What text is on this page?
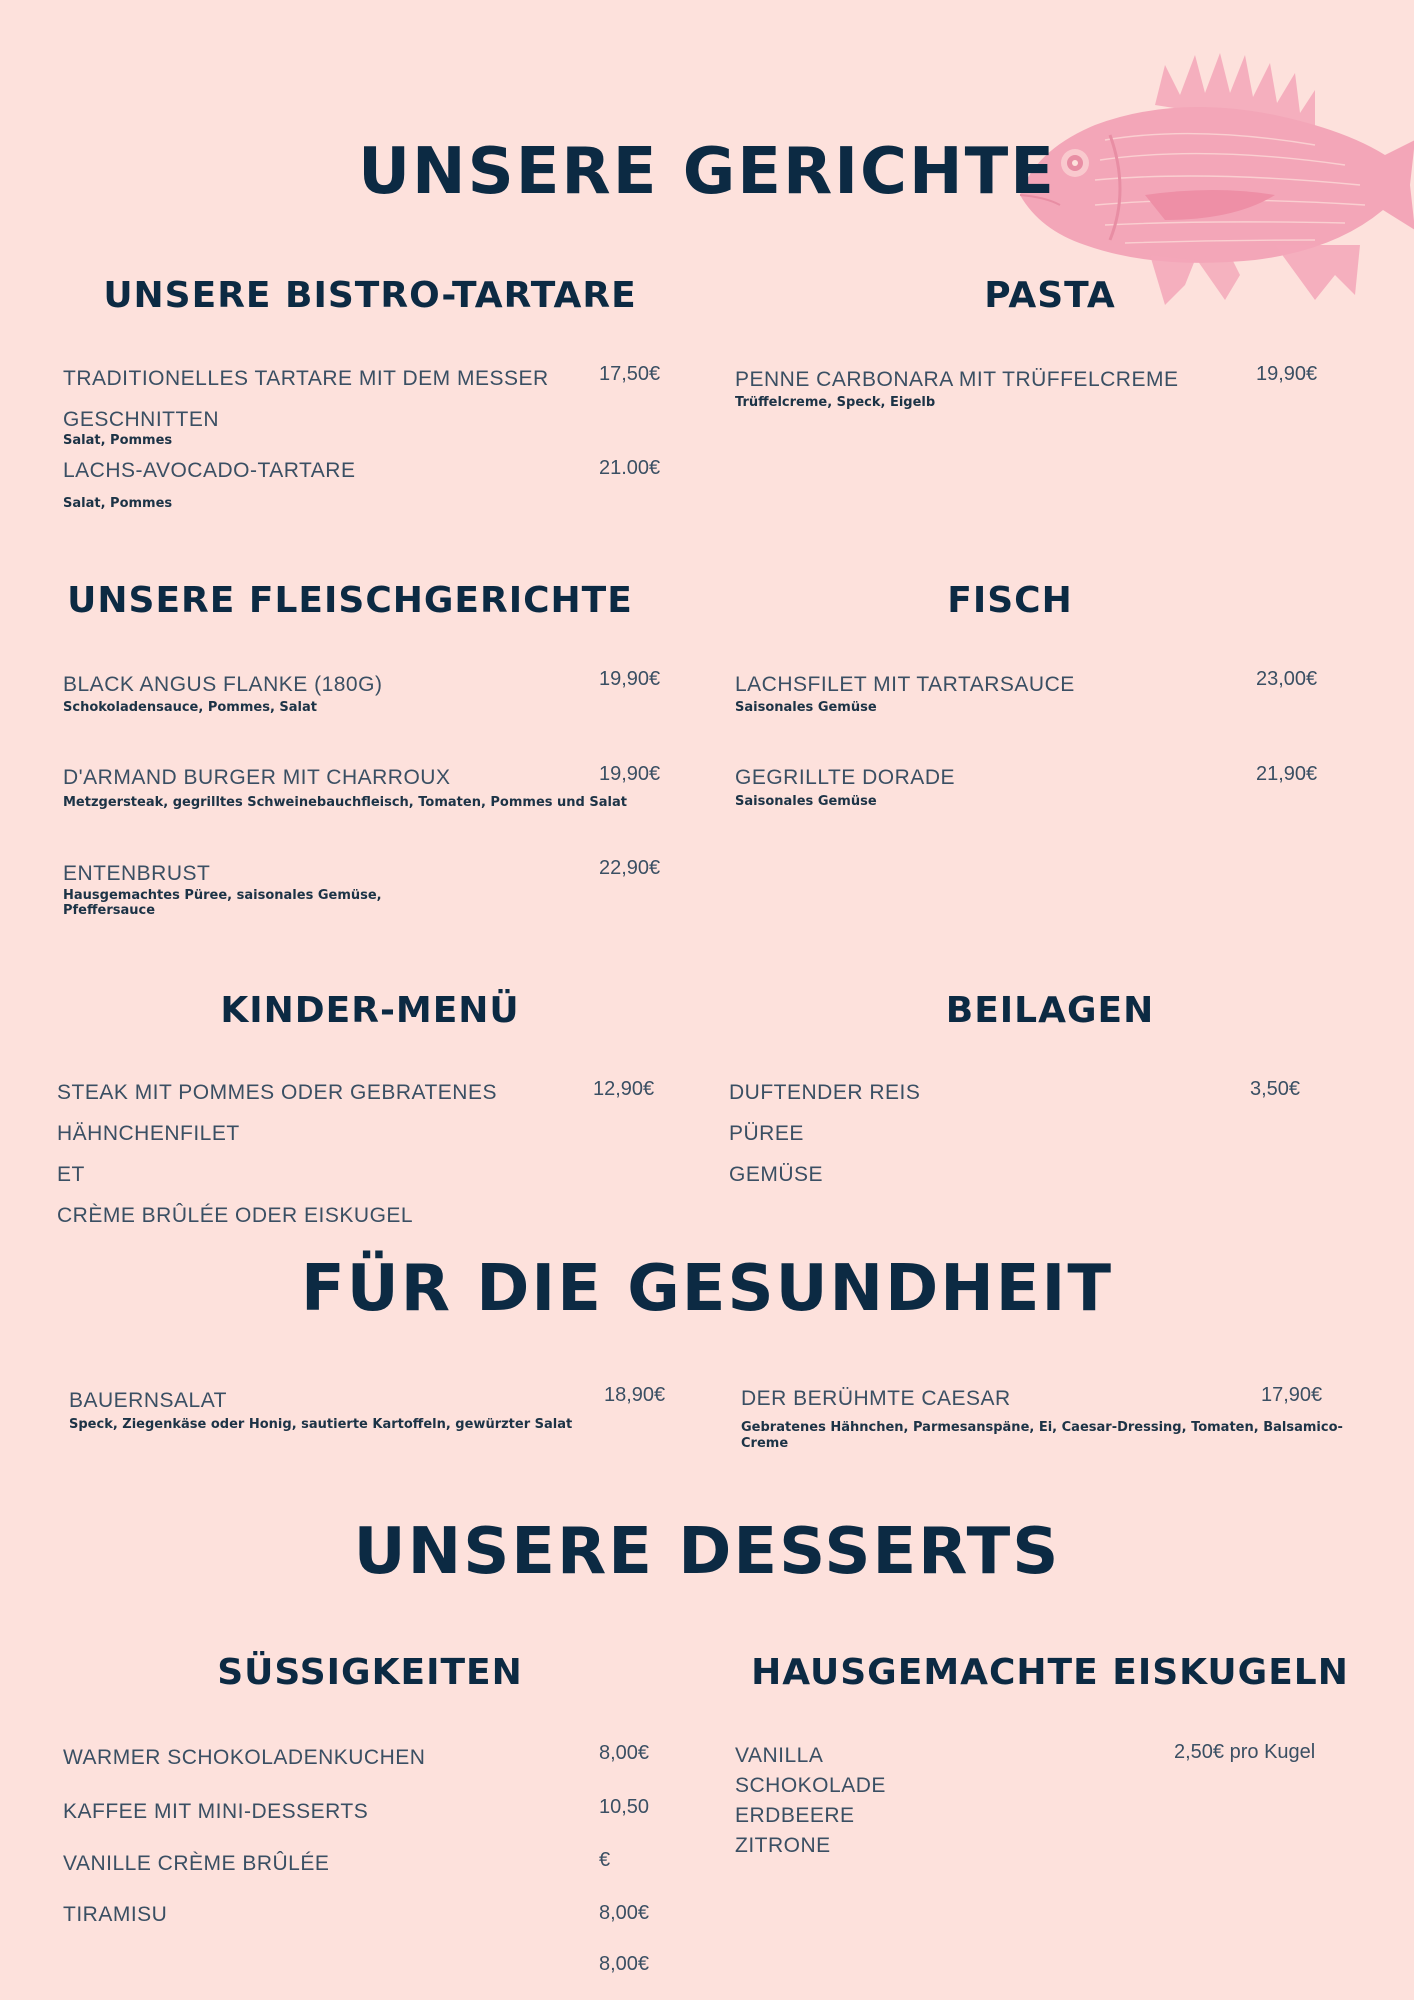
UNSERE GERICHTE
UNSERE BISTRO-TARTARE
TRADITIONELLES TARTARE MIT DEM MESSER
GESCHNITTEN
Salat, Pommes
17,50€
LACHS-AVOCADO-TARTARE
Salat, Pommes
21.00€
PASTA
PENNE CARBONARA MIT TRÜFFELCREME
Trüffelcreme, Speck, Eigelb
19,90€
UNSERE FLEISCHGERICHTE
BLACK ANGUS FLANKE (180G)
Schokoladensauce, Pommes, Salat
19,90€
D'ARMAND BURGER MIT CHARROUX
Metzgersteak, gegrilltes Schweinebauchfleisch, Tomaten, Pommes und Salat
19,90€
ENTENBRUST
Hausgemachtes Püree, saisonales Gemüse,
Pfeffersauce
22,90€
FISCH
LACHSFILET MIT TARTARSAUCE
Saisonales Gemüse
23,00€
GEGRILLTE DORADE
Saisonales Gemüse
21,90€
KINDER-MENÜ
STEAK MIT POMMES ODER GEBRATENES
HÄHNCHENFILET
ET
CRÈME BRÛLÉE ODER EISKUGEL
12,90€
BEILAGEN
DUFTENDER REIS
PÜREE
GEMÜSE
3,50€
FÜR DIE GESUNDHEIT
BAUERNSALAT
Speck, Ziegenkäse oder Honig, sautierte Kartoffeln, gewürzter Salat
18,90€	DER BERÜHMTE CAESAR
Gebratenes Hähnchen, Parmesanspäne, Ei, Caesar-Dressing, Tomaten, Balsamico-
Creme
17,90€
UNSERE DESSERTS
SÜSSIGKEITEN
WARMER SCHOKOLADENKUCHEN
KAFFEE MIT MINI-DESSERTS
VANILLE CRÈME BRÛLÉE
TIRAMISU
8,00€
10,50
€
8,00€
8,00€
HAUSGEMACHTE EISKUGELN
VANILLA
SCHOKOLADE
ERDBEERE
ZITRONE
2,50€ pro Kugel
